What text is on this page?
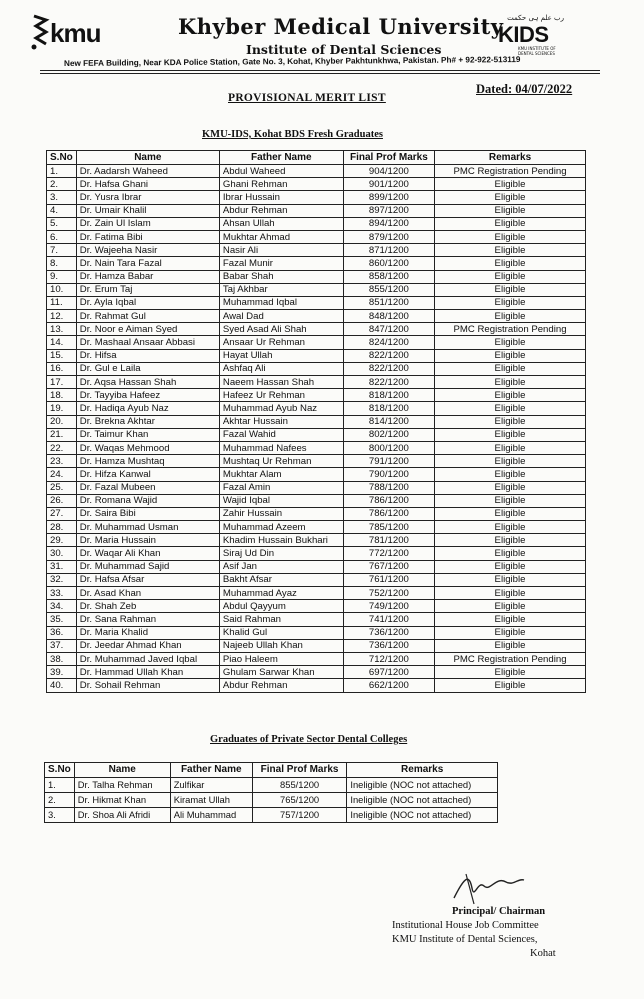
kmu	Khyber Medical University
Institute of Dental Sciences
رب علم ہی حکمت
KIDS
KMU INSTITUTE OF DENTAL SCIENCES
New FEFA Building, Near KDA Police Station, Gate No. 3, Kohat, Khyber Pakhtunkhwa, Pakistan. Ph# + 92-922-513119
Dated: 04/07/2022
PROVISIONAL MERIT LIST
KMU-IDS, Kohat BDS Fresh Graduates
S.No	Name	Father Name	Final Prof Marks	Remarks
1.	Dr. Aadarsh Waheed	Abdul Waheed	904/1200	PMC Registration Pending
2.	Dr. Hafsa Ghani	Ghani Rehman	901/1200	Eligible
3.	Dr. Yusra Ibrar	Ibrar Hussain	899/1200	Eligible
4.	Dr. Umair Khalil	Abdur Rehman	897/1200	Eligible
5.	Dr. Zain Ul Islam	Ahsan Ullah	894/1200	Eligible
6.	Dr. Fatima Bibi	Mukhtar Ahmad	879/1200	Eligible
7.	Dr. Wajeeha Nasir	Nasir Ali	871/1200	Eligible
8.	Dr. Nain Tara Fazal	Fazal Munir	860/1200	Eligible
9.	Dr. Hamza Babar	Babar Shah	858/1200	Eligible
10.	Dr. Erum Taj	Taj Akhbar	855/1200	Eligible
11.	Dr. Ayla Iqbal	Muhammad Iqbal	851/1200	Eligible
12.	Dr. Rahmat Gul	Awal Dad	848/1200	Eligible
13.	Dr. Noor e Aiman Syed	Syed Asad Ali Shah	847/1200	PMC Registration Pending
14.	Dr. Mashaal Ansaar Abbasi	Ansaar Ur Rehman	824/1200	Eligible
15.	Dr. Hifsa	Hayat Ullah	822/1200	Eligible
16.	Dr. Gul e Laila	Ashfaq Ali	822/1200	Eligible
17.	Dr. Aqsa Hassan Shah	Naeem Hassan Shah	822/1200	Eligible
18.	Dr. Tayyiba Hafeez	Hafeez Ur Rehman	818/1200	Eligible
19.	Dr. Hadiqa Ayub Naz	Muhammad Ayub Naz	818/1200	Eligible
20.	Dr. Brekna Akhtar	Akhtar Hussain	814/1200	Eligible
21.	Dr. Taimur Khan	Fazal Wahid	802/1200	Eligible
22.	Dr. Waqas Mehmood	Muhammad Nafees	800/1200	Eligible
23.	Dr. Hamza Mushtaq	Mushtaq Ur Rehman	791/1200	Eligible
24.	Dr. Hifza Kanwal	Mukhtar Alam	790/1200	Eligible
25.	Dr. Fazal Mubeen	Fazal Amin	788/1200	Eligible
26.	Dr. Romana Wajid	Wajid Iqbal	786/1200	Eligible
27.	Dr. Saira Bibi	Zahir Hussain	786/1200	Eligible
28.	Dr. Muhammad Usman	Muhammad Azeem	785/1200	Eligible
29.	Dr. Maria Hussain	Khadim Hussain Bukhari	781/1200	Eligible
30.	Dr. Waqar Ali Khan	Siraj Ud Din	772/1200	Eligible
31.	Dr. Muhammad Sajid	Asif Jan	767/1200	Eligible
32.	Dr. Hafsa Afsar	Bakht Afsar	761/1200	Eligible
33.	Dr. Asad Khan	Muhammad Ayaz	752/1200	Eligible
34.	Dr. Shah Zeb	Abdul Qayyum	749/1200	Eligible
35.	Dr. Sana Rahman	Said Rahman	741/1200	Eligible
36.	Dr. Maria Khalid	Khalid Gul	736/1200	Eligible
37.	Dr. Jeedar Ahmad Khan	Najeeb Ullah Khan	736/1200	Eligible
38.	Dr. Muhammad Javed Iqbal	Piao Haleem	712/1200	PMC Registration Pending
39.	Dr. Hammad Ullah Khan	Ghulam Sarwar Khan	697/1200	Eligible
40.	Dr. Sohail Rehman	Abdur Rehman	662/1200	Eligible
Graduates of Private Sector Dental Colleges
S.No	Name	Father Name	Final Prof Marks	Remarks
1.	Dr. Talha Rehman	Zulfikar	855/1200	Ineligible (NOC not attached)
2.	Dr. Hikmat Khan	Kiramat Ullah	765/1200	Ineligible (NOC not attached)
3.	Dr. Shoa Ali Afridi	Ali Muhammad	757/1200	Ineligible (NOC not attached)
Principal/ Chairman
Institutional House Job Committee
KMU Institute of Dental Sciences,
Kohat
